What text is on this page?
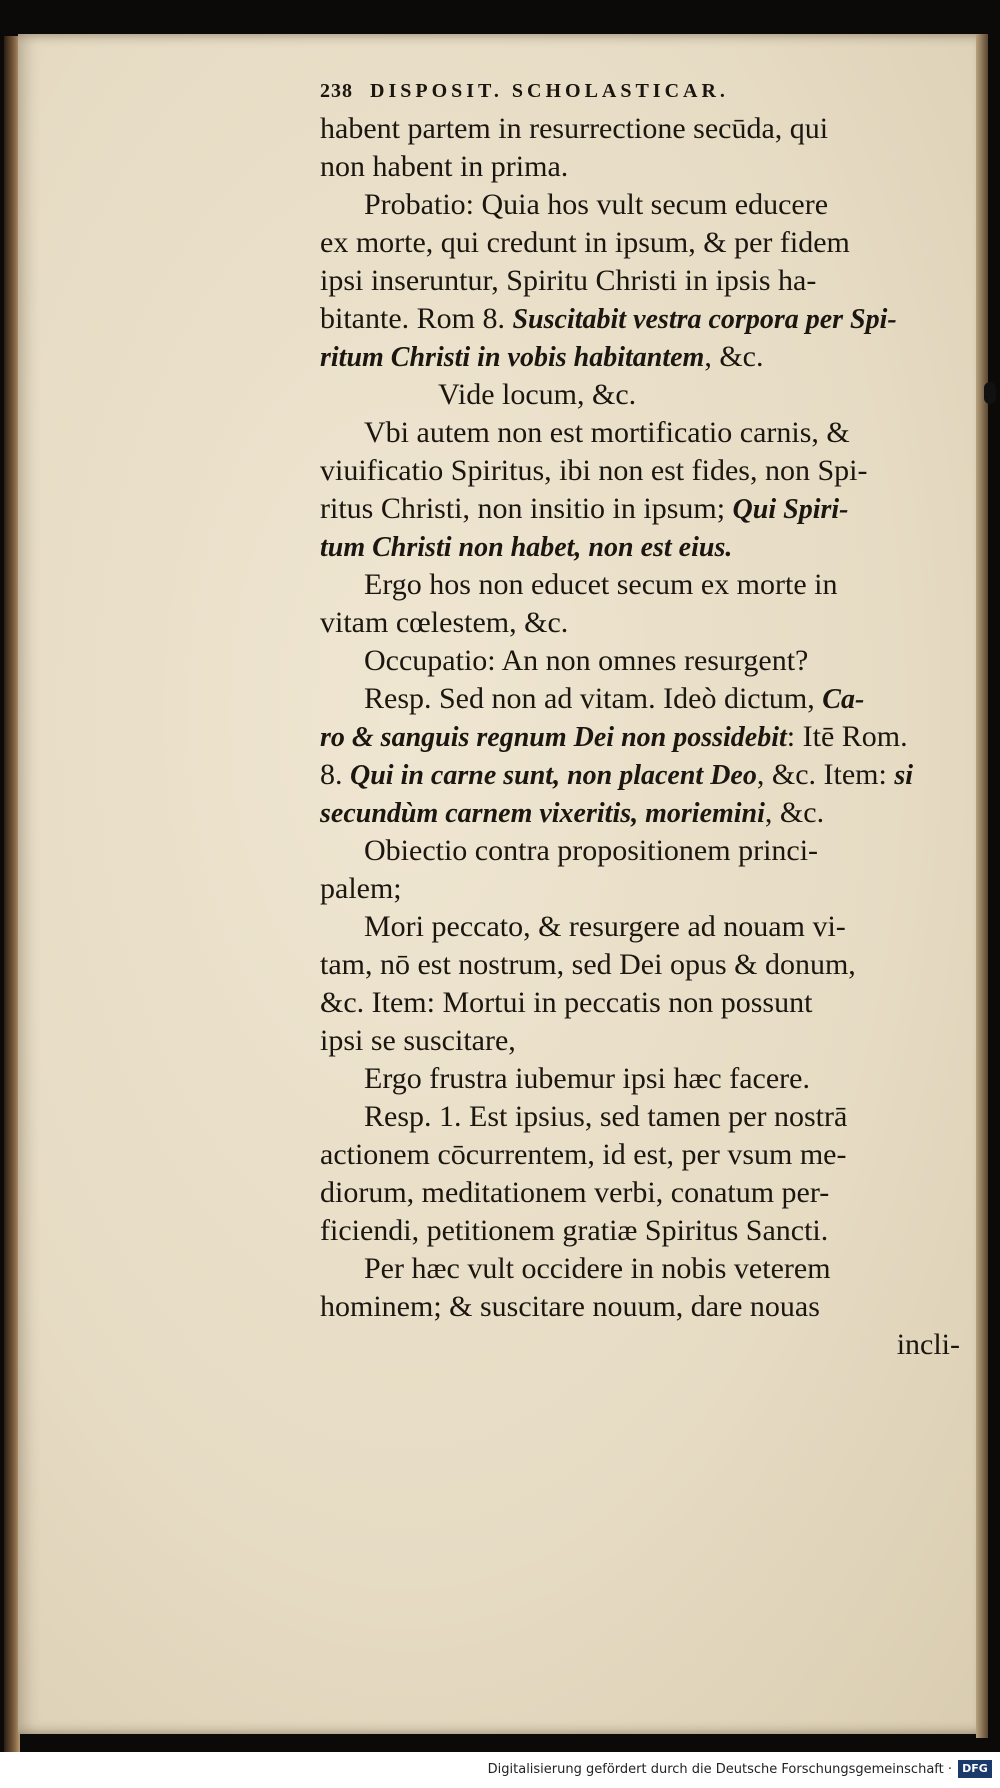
238 DISPOSIT. SCHOLASTICAR.
habent partem in resurrectione secūda, qui
non habent in prima.
Probatio: Quia hos vult secum educere
ex morte, qui credunt in ipsum, & per fidem
ipsi inseruntur, Spiritu Christi in ipsis ha-
bitante. Rom 8. Suscitabit vestra corpora per Spi-
ritum Christi in vobis habitantem, &c.
Vide locum, &c.
Vbi autem non est mortificatio carnis, &
viuificatio Spiritus, ibi non est fides, non Spi-
ritus Christi, non insitio in ipsum; Qui Spiri-
tum Christi non habet, non est eius.
Ergo hos non educet secum ex morte in
vitam cœlestem, &c.
Occupatio: An non omnes resurgent?
Resp. Sed non ad vitam. Ideò dictum, Ca-
ro & sanguis regnum Dei non possidebit: Itē Rom.
8. Qui in carne sunt, non placent Deo, &c. Item: si
secundùm carnem vixeritis, moriemini, &c.
Obiectio contra propositionem princi-
palem;
Mori peccato, & resurgere ad nouam vi-
tam, nō est nostrum, sed Dei opus & donum,
&c. Item: Mortui in peccatis non possunt
ipsi se suscitare,
Ergo frustra iubemur ipsi hæc facere.
Resp. 1. Est ipsius, sed tamen per nostrā
actionem cōcurrentem, id est, per vsum me-
diorum, meditationem verbi, conatum per-
ficiendi, petitionem gratiæ Spiritus Sancti.
Per hæc vult occidere in nobis veterem
hominem; & suscitare nouum, dare nouas
incli-
Digitalisierung gefördert durch die Deutsche Forschungsgemeinschaft · DFG
